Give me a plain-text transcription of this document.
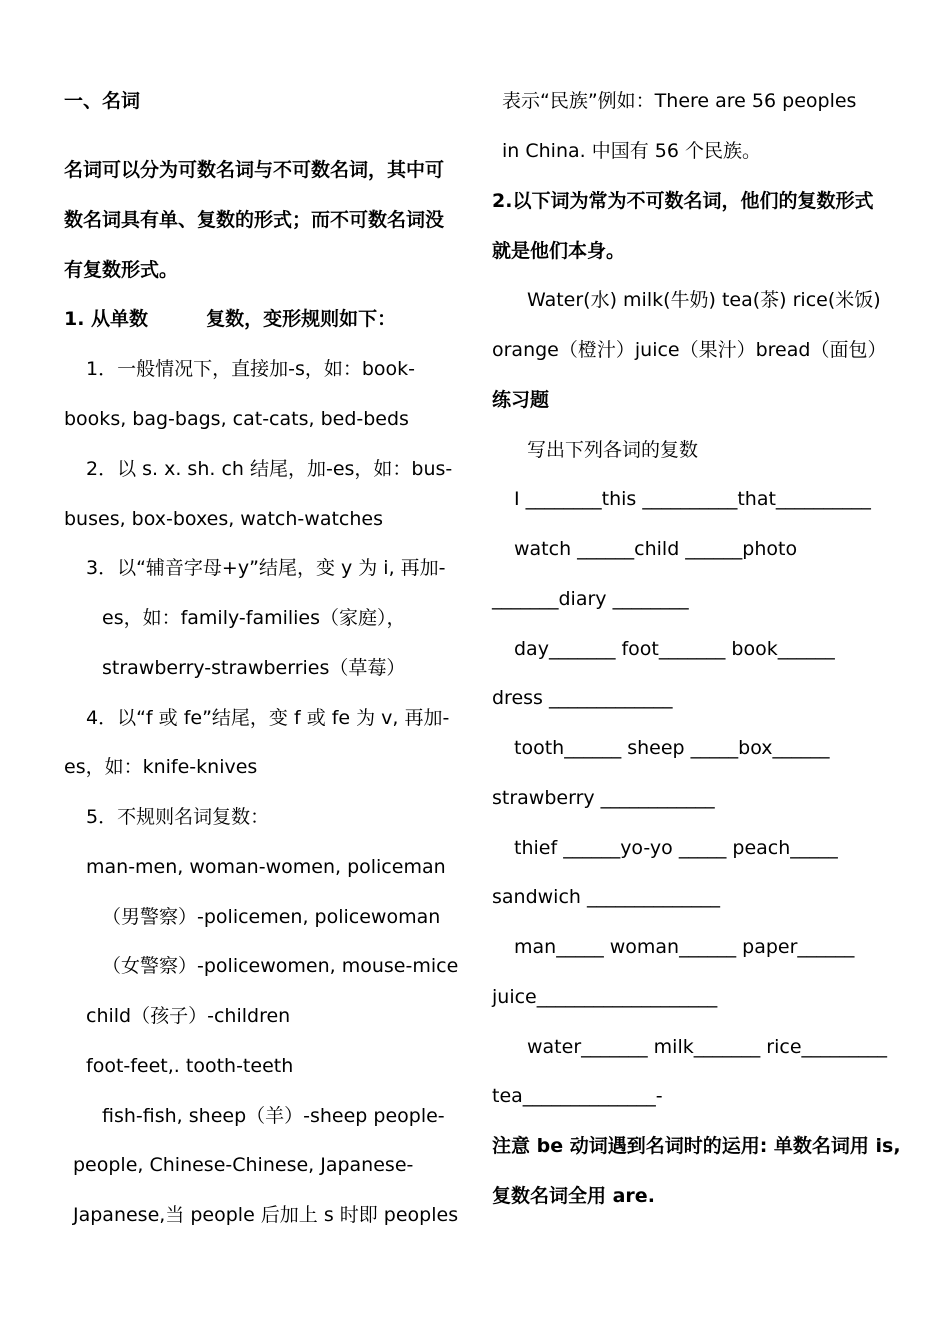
一、名词
名词可以分为可数名词与不可数名词，其中可
数名词具有单、复数的形式；而不可数名词没
有复数形式。
1. 从单数	复数，变形规则如下：
1．一般情况下，直接加-s，如：book-
books, bag-bags, cat-cats, bed-beds
2．以 s. x. sh. ch 结尾，加-es，如：bus-
buses, box-boxes, watch-watches
3．以“辅音字母+y”结尾，变 y 为 i, 再加-
es，如：family-families（家庭），
strawberry-strawberries（草莓）
4．以“f 或 fe”结尾，变 f 或 fe 为 v, 再加-
es，如：knife-knives
5．不规则名词复数：
man-men, woman-women, policeman
（男警察）-policemen, policewoman
（女警察）-policewomen, mouse-mice
child（孩子）-children
foot-feet,. tooth-teeth
fish-fish, sheep（羊）-sheep people-
people, Chinese-Chinese, Japanese-
Japanese,当 people 后加上 s 时即 peoples
表示“民族”例如：There are 56 peoples
in China. 中国有 56 个民族。
2.以下词为常为不可数名词，他们的复数形式
就是他们本身。
Water(水) milk(牛奶) tea(茶) rice(米饭)
orange（橙汁）juice（果汁）bread（面包）
练习题
写出下列各词的复数
I ________this __________that__________
watch ______child ______photo
_______diary ________
day_______ foot_______ book______
dress _____________
tooth______ sheep _____box______
strawberry ____________
thief ______yo-yo _____ peach_____
sandwich ______________
man_____ woman______ paper______
juice___________________
water_______ milk_______ rice_________
tea______________-
注意 be 动词遇到名词时的运用: 单数名词用 is,
复数名词全用 are.
